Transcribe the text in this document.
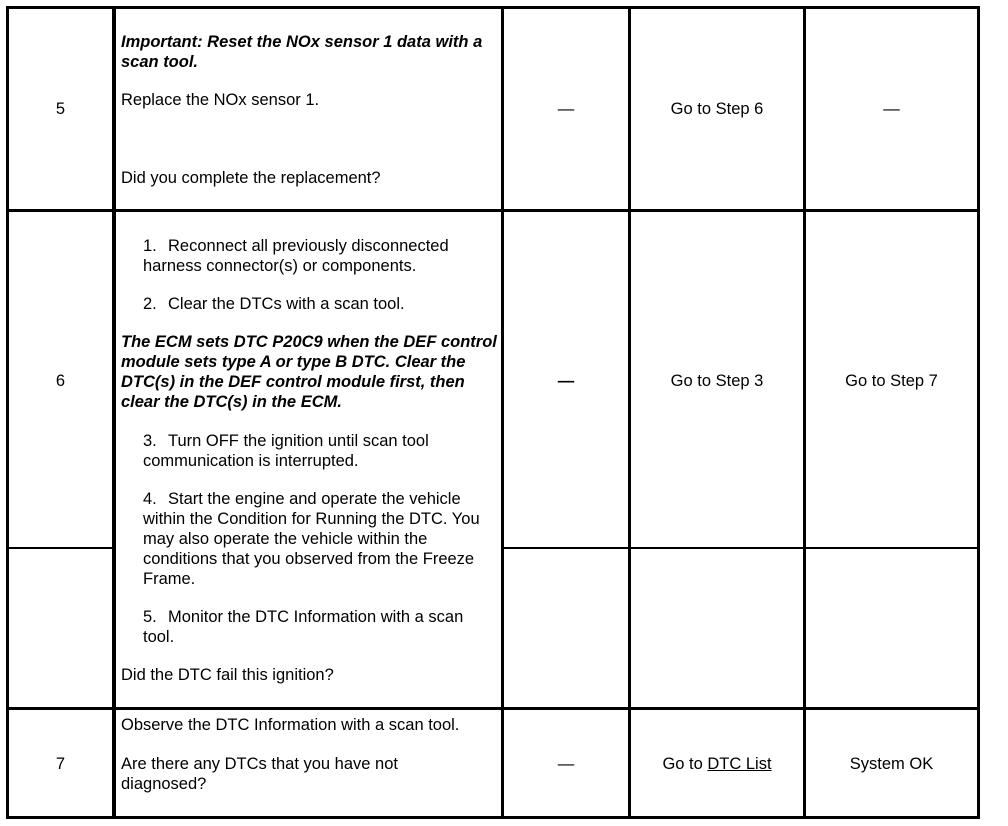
5
Important: Reset the NOx sensor 1 data with a scan tool.
Replace the NOx sensor 1.
Did you complete the replacement?
—	Go to Step 6	—
6
1. Reconnect all previously disconnected harness connector(s) or components.
2. Clear the DTCs with a scan tool.
The ECM sets DTC P20C9 when the DEF control module sets type A or type B DTC. Clear the DTC(s) in the DEF control module first, then clear the DTC(s) in the ECM.
3. Turn OFF the ignition until scan tool communication is interrupted.
4. Start the engine and operate the vehicle within the Condition for Running the DTC. You may also operate the vehicle within the conditions that you observed from the Freeze Frame.
5. Monitor the DTC Information with a scan tool.
Did the DTC fail this ignition?
—	Go to Step 3	Go to Step 7
7
Observe the DTC Information with a scan tool.
Are there any DTCs that you have not diagnosed?
—	Go to DTC List	System OK
